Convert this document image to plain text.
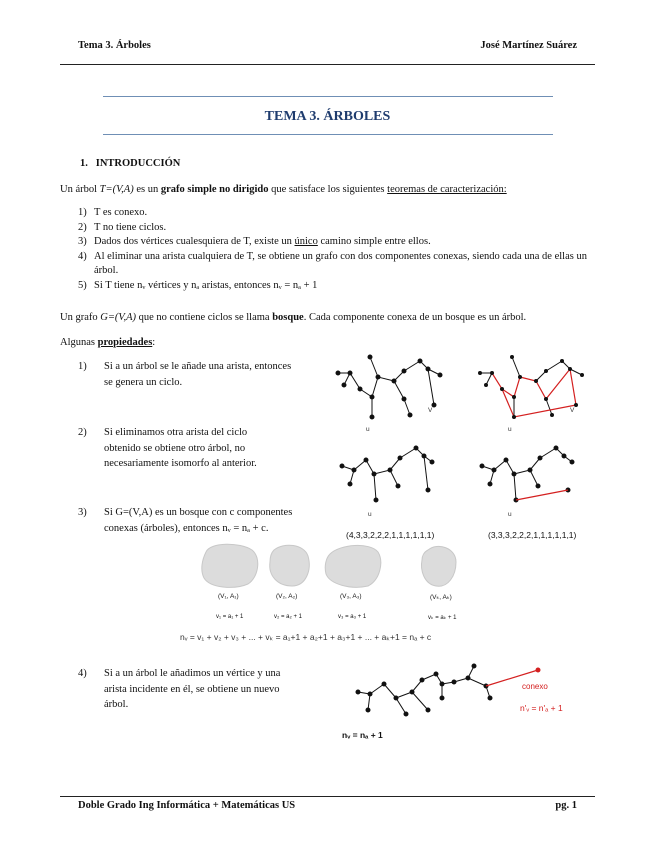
Tema 3. Árboles	José Martínez Suárez
TEMA 3. ÁRBOLES
1. INTRODUCCIÓN
Un árbol T=(V,A) es un grafo simple no dirigido que satisface los siguientes teoremas de caracterización:
1) T es conexo.
2) T no tiene ciclos.
3) Dados dos vértices cualesquiera de T, existe un único camino simple entre ellos.
4) Al eliminar una arista cualquiera de T, se obtiene un grafo con dos componentes conexas, siendo cada una de ellas un árbol.
5) Si T tiene nᵥ vértices y nₐ aristas, entonces nᵥ = nₐ + 1
Un grafo G=(V,A) que no contiene ciclos se llama bosque. Cada componente conexa de un bosque es un árbol.
Algunas propiedades:
1) Si a un árbol se le añade una arista, entonces
se genera un ciclo.
2) Si eliminamos otra arista del ciclo
obtenido se obtiene otro árbol, no
necesariamente isomorfo al anterior.
3) Si G=(V,A) es un bosque con c componentes
conexas (árboles), entonces nᵥ = nₐ + c.
4) Si a un árbol le añadimos un vértice y una
arista incidente en él, se obtiene un nuevo
árbol.
u
V
u
V
u
(4,3,3,2,2,2,1,1,1,1,1,1)
u
(3,3,3,2,2,2,1,1,1,1,1,1)
(V₁, A₁)	(V₂, A₂)	(V₃, A₃)	(Vₖ, Aₖ)
v₁ = a₁ + 1	v₂ = a₂ + 1	v₃ = a₃ + 1	vₖ = aₖ + 1
nᵥ = v₁ + v₂ + v₃ + ... + vₖ = a₁+1 + a₂+1 + a₃+1 + ... + aₖ+1 = nₐ + c
conexo
n'ᵥ = n'ₐ + 1
nᵥ = nₐ + 1
Doble Grado Ing Informática + Matemáticas US	pg. 1
